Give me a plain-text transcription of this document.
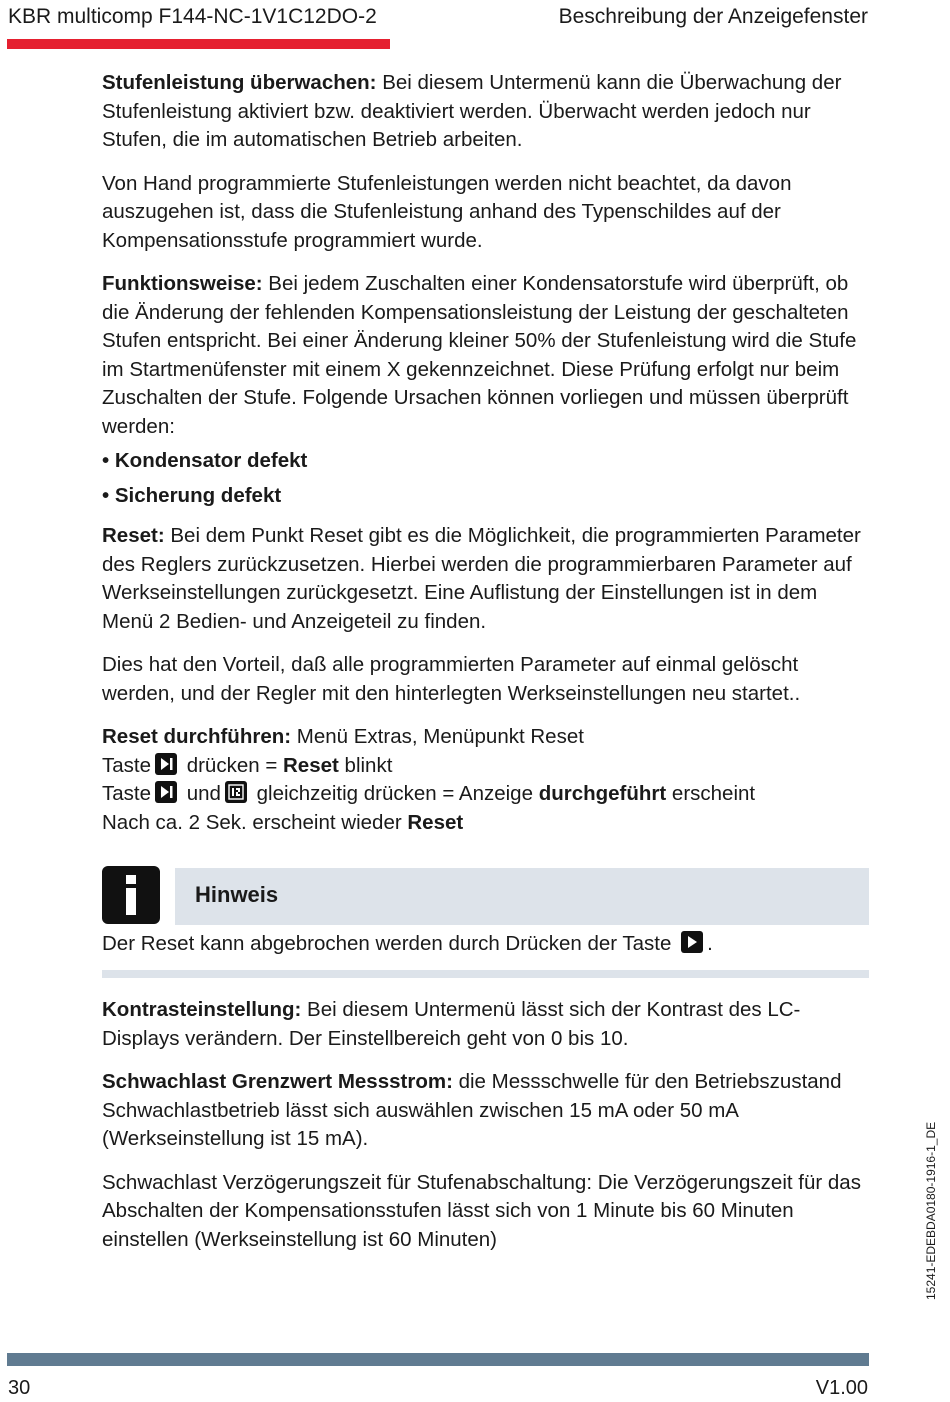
KBR multicomp F144-NC-1V1C12DO-2	Beschreibung der Anzeigefenster

Stufenleistung überwachen: Bei diesem Untermenü kann die Überwachung der Stufenleistung aktiviert bzw. deaktiviert werden. Überwacht werden jedoch nur Stufen, die im automatischen Betrieb arbeiten.

Von Hand programmierte Stufenleistungen werden nicht beachtet, da davon auszugehen ist, dass die Stufenleistung anhand des Typenschildes auf der Kompensationsstufe programmiert wurde.

Funktionsweise: Bei jedem Zuschalten einer Kondensatorstufe wird überprüft, ob die Änderung der fehlenden Kompensationsleistung der Leistung der geschalteten Stufen entspricht. Bei einer Änderung kleiner 50% der Stufenleistung wird die Stufe im Startmenüfenster mit einem X gekennzeichnet. Diese Prüfung erfolgt nur beim Zuschalten der Stufe. Folgende Ursachen können vorliegen und müssen überprüft werden:

• Kondensator defekt
• Sicherung defekt

Reset: Bei dem Punkt Reset gibt es die Möglichkeit, die programmierten Parameter des Reglers zurückzusetzen. Hierbei werden die programmierbaren Parameter auf Werkseinstellungen zurückgesetzt. Eine Auflistung der Einstellungen ist in dem Menü 2 Bedien- und Anzeigeteil zu finden.

Dies hat den Vorteil, daß alle programmierten Parameter auf einmal gelöscht werden, und der Regler mit den hinterlegten Werkseinstellungen neu startet..

Reset durchführen: Menü Extras, Menüpunkt Reset

Taste drücken = Reset blinkt

Taste und gleichzeitig drücken = Anzeige durchgeführt erscheint

Nach ca. 2 Sek. erscheint wieder Reset

Hinweis
Der Reset kann abgebrochen werden durch Drücken der Taste .

Kontrasteinstellung: Bei diesem Untermenü lässt sich der Kontrast des LC-Displays verändern. Der Einstellbereich geht von 0 bis 10.

Schwachlast Grenzwert Messstrom: die Messschwelle für den Betriebszustand Schwachlastbetrieb lässt sich auswählen zwischen 15 mA oder 50 mA (Werkseinstellung ist 15 mA).

Schwachlast Verzögerungszeit für Stufenabschaltung: Die Verzögerungszeit für das Abschalten der Kompensationsstufen lässt sich von 1 Minute bis 60 Minuten einstellen (Werkseinstellung ist 60 Minuten)	15241-EDEBDA0180-1916-1_DE
30	V1.00
